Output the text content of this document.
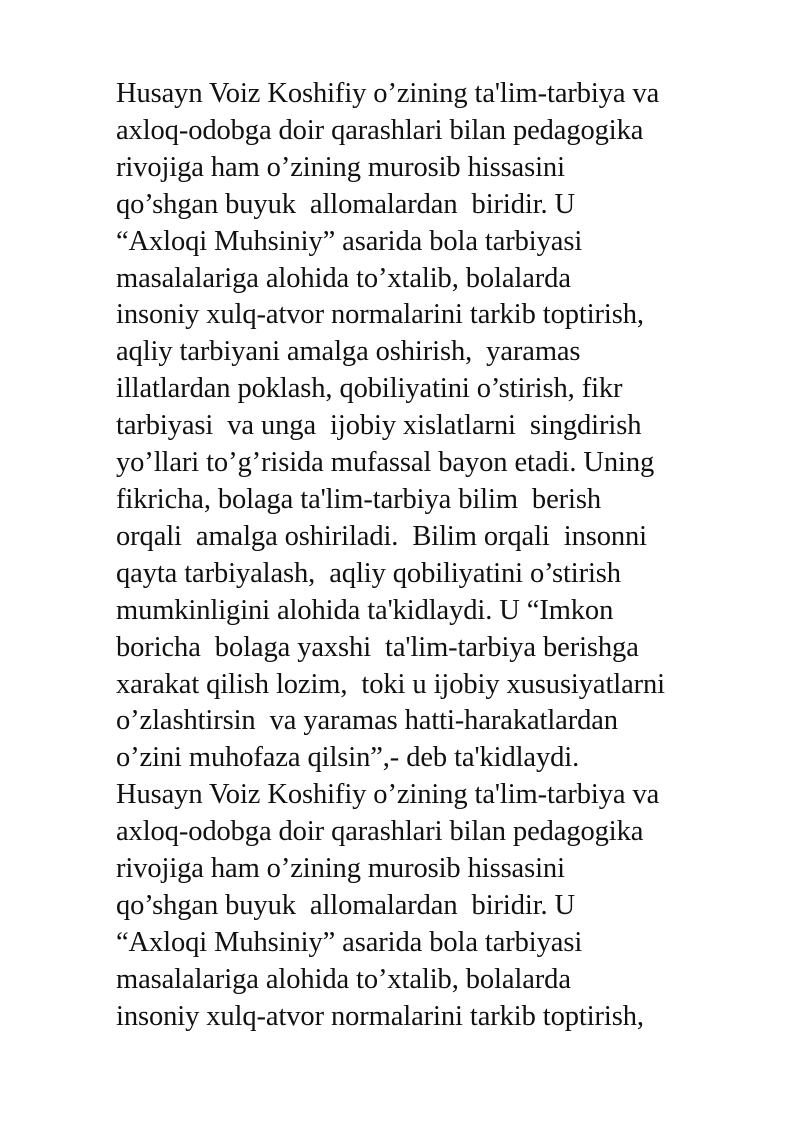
Husayn Voiz Koshifiy o’zining ta'lim-tarbiya va
axloq-odobga doir qarashlari bilan pedagogika
rivojiga ham o’zining murosib hissasini
qo’shgan buyuk  allomalardan  biridir. U
“Axloqi Muhsiniy” asarida bola tarbiyasi
masalalariga alohida to’xtalib, bolalarda
insoniy xulq-atvor normalarini tarkib toptirish,
aqliy tarbiyani amalga oshirish,  yaramas
illatlardan poklash, qobiliyatini o’stirish, fikr
tarbiyasi  va unga  ijobiy xislatlarni  singdirish
yo’llari to’g’risida mufassal bayon etadi. Uning
fikricha, bolaga ta'lim-tarbiya bilim  berish
orqali  amalga oshiriladi.  Bilim orqali  insonni
qayta tarbiyalash,  aqliy qobiliyatini o’stirish
mumkinligini alohida ta'kidlaydi. U “Imkon
boricha  bolaga yaxshi  ta'lim-tarbiya berishga
xarakat qilish lozim,  toki u ijobiy xususiyatlarni
o’zlashtirsin  va yaramas hatti-harakatlardan
o’zini muhofaza qilsin”,- deb ta'kidlaydi.
Husayn Voiz Koshifiy o’zining ta'lim-tarbiya va
axloq-odobga doir qarashlari bilan pedagogika
rivojiga ham o’zining murosib hissasini
qo’shgan buyuk  allomalardan  biridir. U
“Axloqi Muhsiniy” asarida bola tarbiyasi
masalalariga alohida to’xtalib, bolalarda
insoniy xulq-atvor normalarini tarkib toptirish,
